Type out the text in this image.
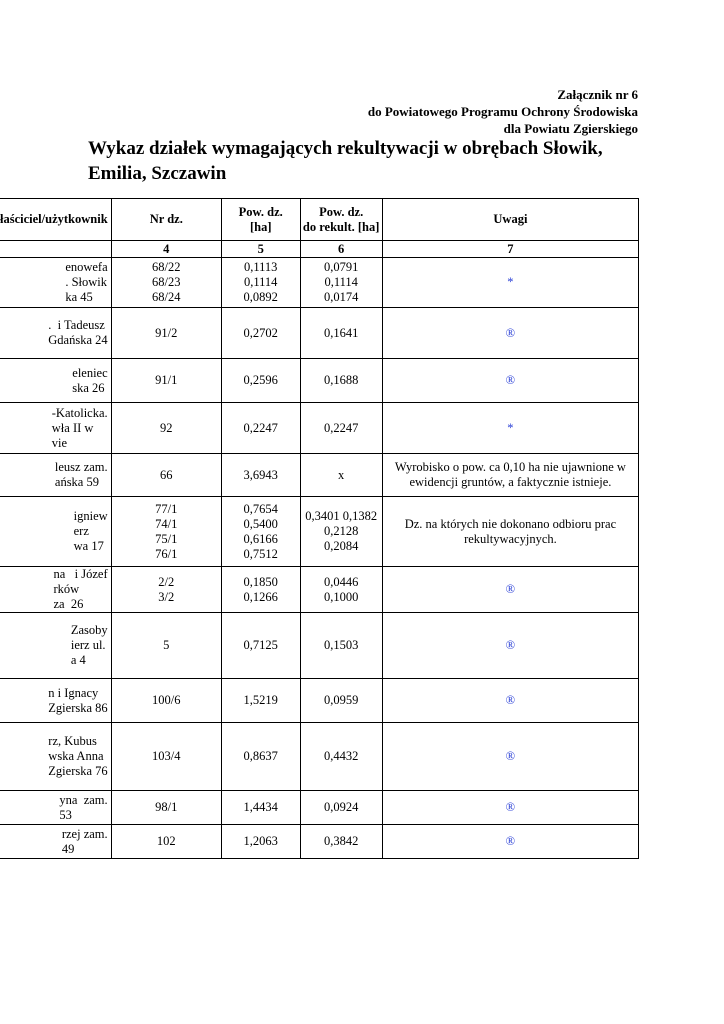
Załącznik nr 6
do Powiatowego Programu Ochrony Środowiska
dla Powiatu Zgierskiego
Wykaz działek wymagających rekultywacji w obrębach Słowik, Emilia, Szczawin
łaściciel/użytkownik	Nr dz.	Pow. dz.
[ha]	Pow. dz.
do rekult. [ha]	Uwagi
	4	5	6	7
enowefa
. Słowik
ka 45	68/22
68/23
68/24	0,1113
0,1114
0,0892	0,0791
0,1114
0,0174	*
.  i Tadeusz
Gdańska 24	91/2	0,2702	0,1641	®
eleniec
ska 26	91/1	0,2596	0,1688	®
-Katolicka.
wła II w
vie	92	0,2247	0,2247	*
leusz zam.
ańska 59	66	3,6943	x	Wyrobisko o pow. ca 0,10 ha nie ujawnione w ewidencji gruntów, a faktycznie istnieje.
igniew
erz
wa 17	77/1
74/1
75/1
76/1	0,7654
0,5400
0,6166
0,7512	0,3401 0,1382
0,2128
0,2084	Dz. na których nie dokonano odbioru prac rekultywacyjnych.
na   i Józef
rków
za  26	2/2
3/2	0,1850
0,1266	0,0446
0,1000	®
Zasoby
ierz ul.
a 4	5	0,7125	0,1503	®
n i Ignacy
Zgierska 86	100/6	1,5219	0,0959	®
rz, Kubus
wska Anna
Zgierska 76	103/4	0,8637	0,4432	®
yna  zam.
53	98/1	1,4434	0,0924	®
rzej zam.
49	102	1,2063	0,3842	®
